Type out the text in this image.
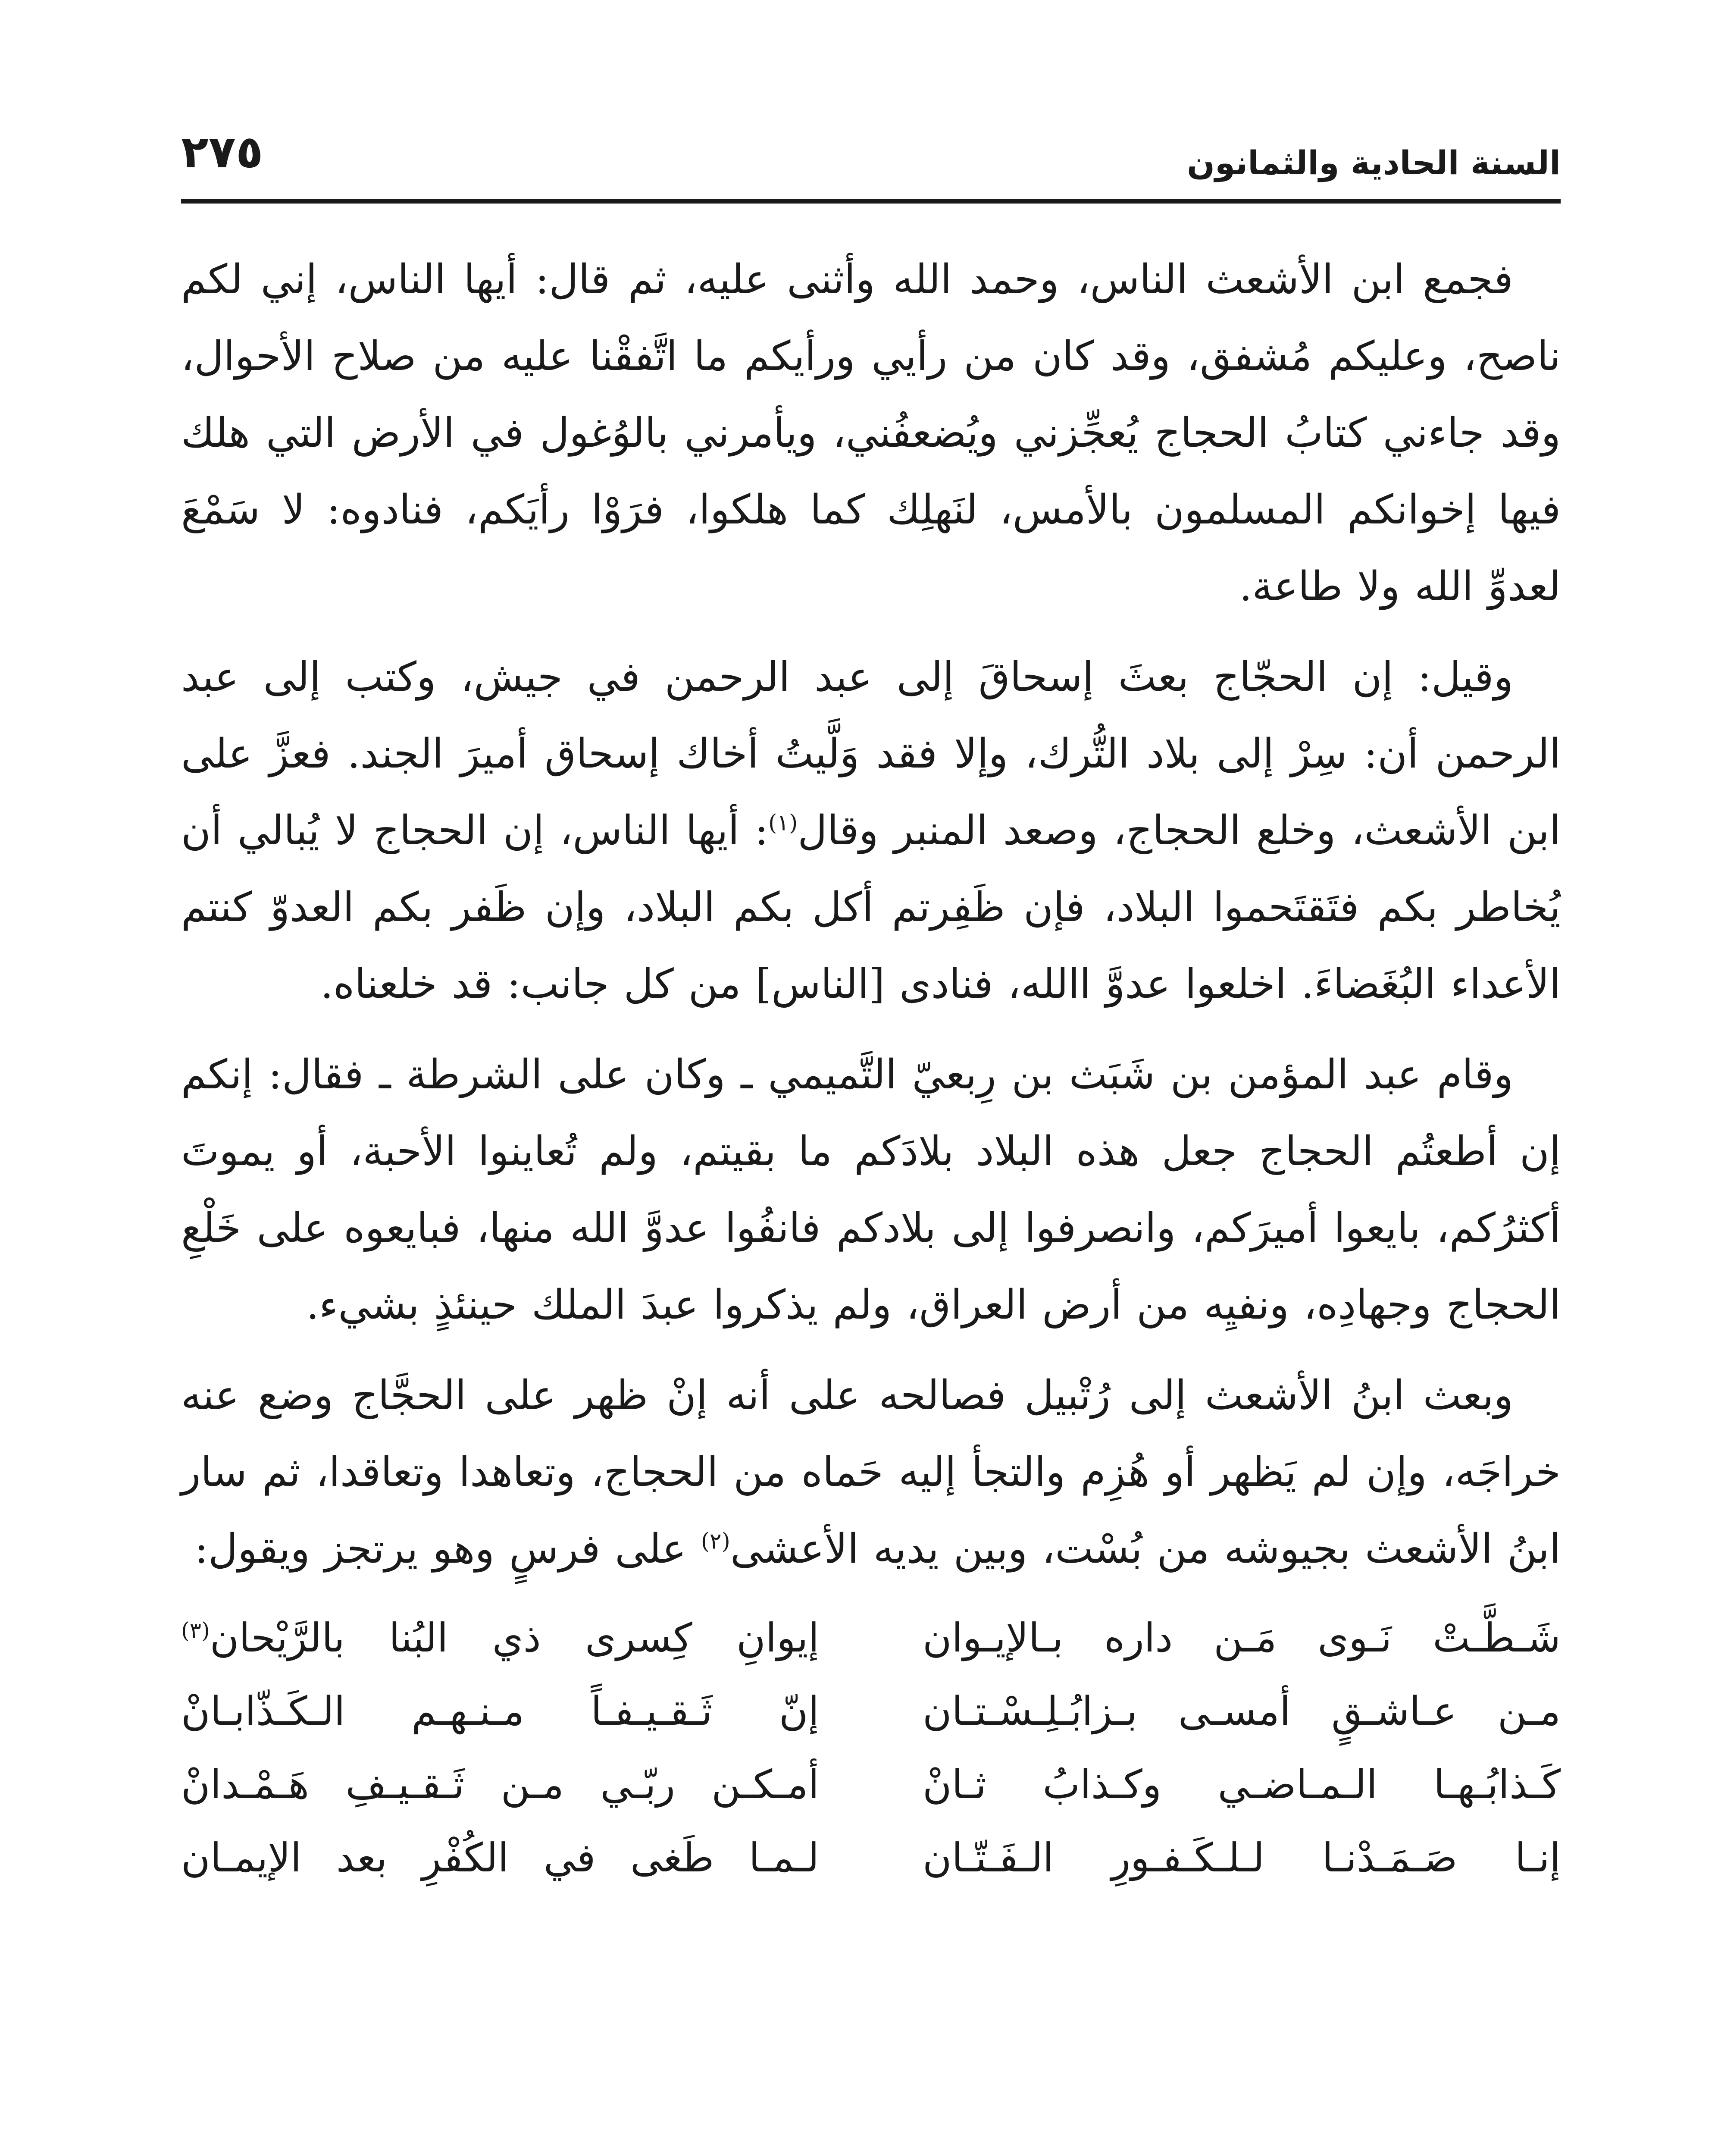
السنة الحادية والثمانون
٢٧٥

فجمع ابن الأشعث الناس، وحمد الله وأثنى عليه، ثم قال: أيها الناس، إني لكم ناصح، وعليكم مُشفق، وقد كان من رأيي ورأيكم ما اتَّفقْنا عليه من صلاح الأحوال، وقد جاءني كتابُ الحجاج يُعجِّزني ويُضعفُني، ويأمرني بالوُغول في الأرض التي هلك فيها إخوانكم المسلمون بالأمس، لنَهلِك كما هلكوا، فرَوْا رأيَكم، فنادوه: لا سَمْعَ لعدوِّ الله ولا طاعة.

وقيل: إن الحجّاج بعثَ إسحاقَ إلى عبد الرحمن في جيش، وكتب إلى عبد الرحمن أن: سِرْ إلى بلاد التُّرك، وإلا فقد وَلَّيتُ أخاك إسحاق أميرَ الجند. فعزَّ على ابن الأشعث، وخلع الحجاج، وصعد المنبر وقال$^{(١)}$: أيها الناس، إن الحجاج لا يُبالي أن يُخاطر بكم فتَقتَحموا البلاد، فإن ظَفِرتم أكل بكم البلاد، وإن ظَفر بكم العدوّ كنتم الأعداء البُغَضاءَ. اخلعوا عدوَّ االله، فنادى [الناس] من كل جانب: قد خلعناه.

وقام عبد المؤمن بن شَبَث بن رِبعيّ التَّميمي ـ وكان على الشرطة ـ فقال: إنكم إن أطعتُم الحجاج جعل هذه البلاد بلادَكم ما بقيتم، ولم تُعاينوا الأحبة، أو يموتَ أكثرُكم، بايعوا أميرَكم، وانصرفوا إلى بلادكم فانفُوا عدوَّ الله منها، فبايعوه على خَلْعِ الحجاج وجهادِه، ونفيِه من أرض العراق، ولم يذكروا عبدَ الملك حينئذٍ بشيء.

وبعث ابنُ الأشعث إلى رُتْبيل فصالحه على أنه إنْ ظهر على الحجَّاج وضع عنه خراجَه، وإن لم يَظهر أو هُزِم والتجأ إليه حَماه من الحجاج، وتعاهدا وتعاقدا، ثم سار ابنُ الأشعث بجيوشه من بُسْت، وبين يديه الأعشى$^{(٢)}$ على فرسٍ وهو يرتجز ويقول:

شَـطَّـتْ نَـوى مَـن داره بـالإيـوان
إيوانِ كِسرى ذي البُنا بالرَّيْحان$^{(٣)}$
مـن عـاشـقٍ أمسـى بـزابُـلِـسْـتـان
إنّ ثَـقـيـفـاً مـنـهـم الـكَـذّابـانْ
كَـذابُـهـا الـمـاضـي وكـذابُ ثـانْ
أمـكـن ربّـي مـن ثَـقـيـفِ هَـمْـدانْ
إنـا صَـمَـدْنـا لـلـكَـفـورِ الـفَـتّـان
لـمـا طَغى في الكُفْرِ بعد الإيمـان
